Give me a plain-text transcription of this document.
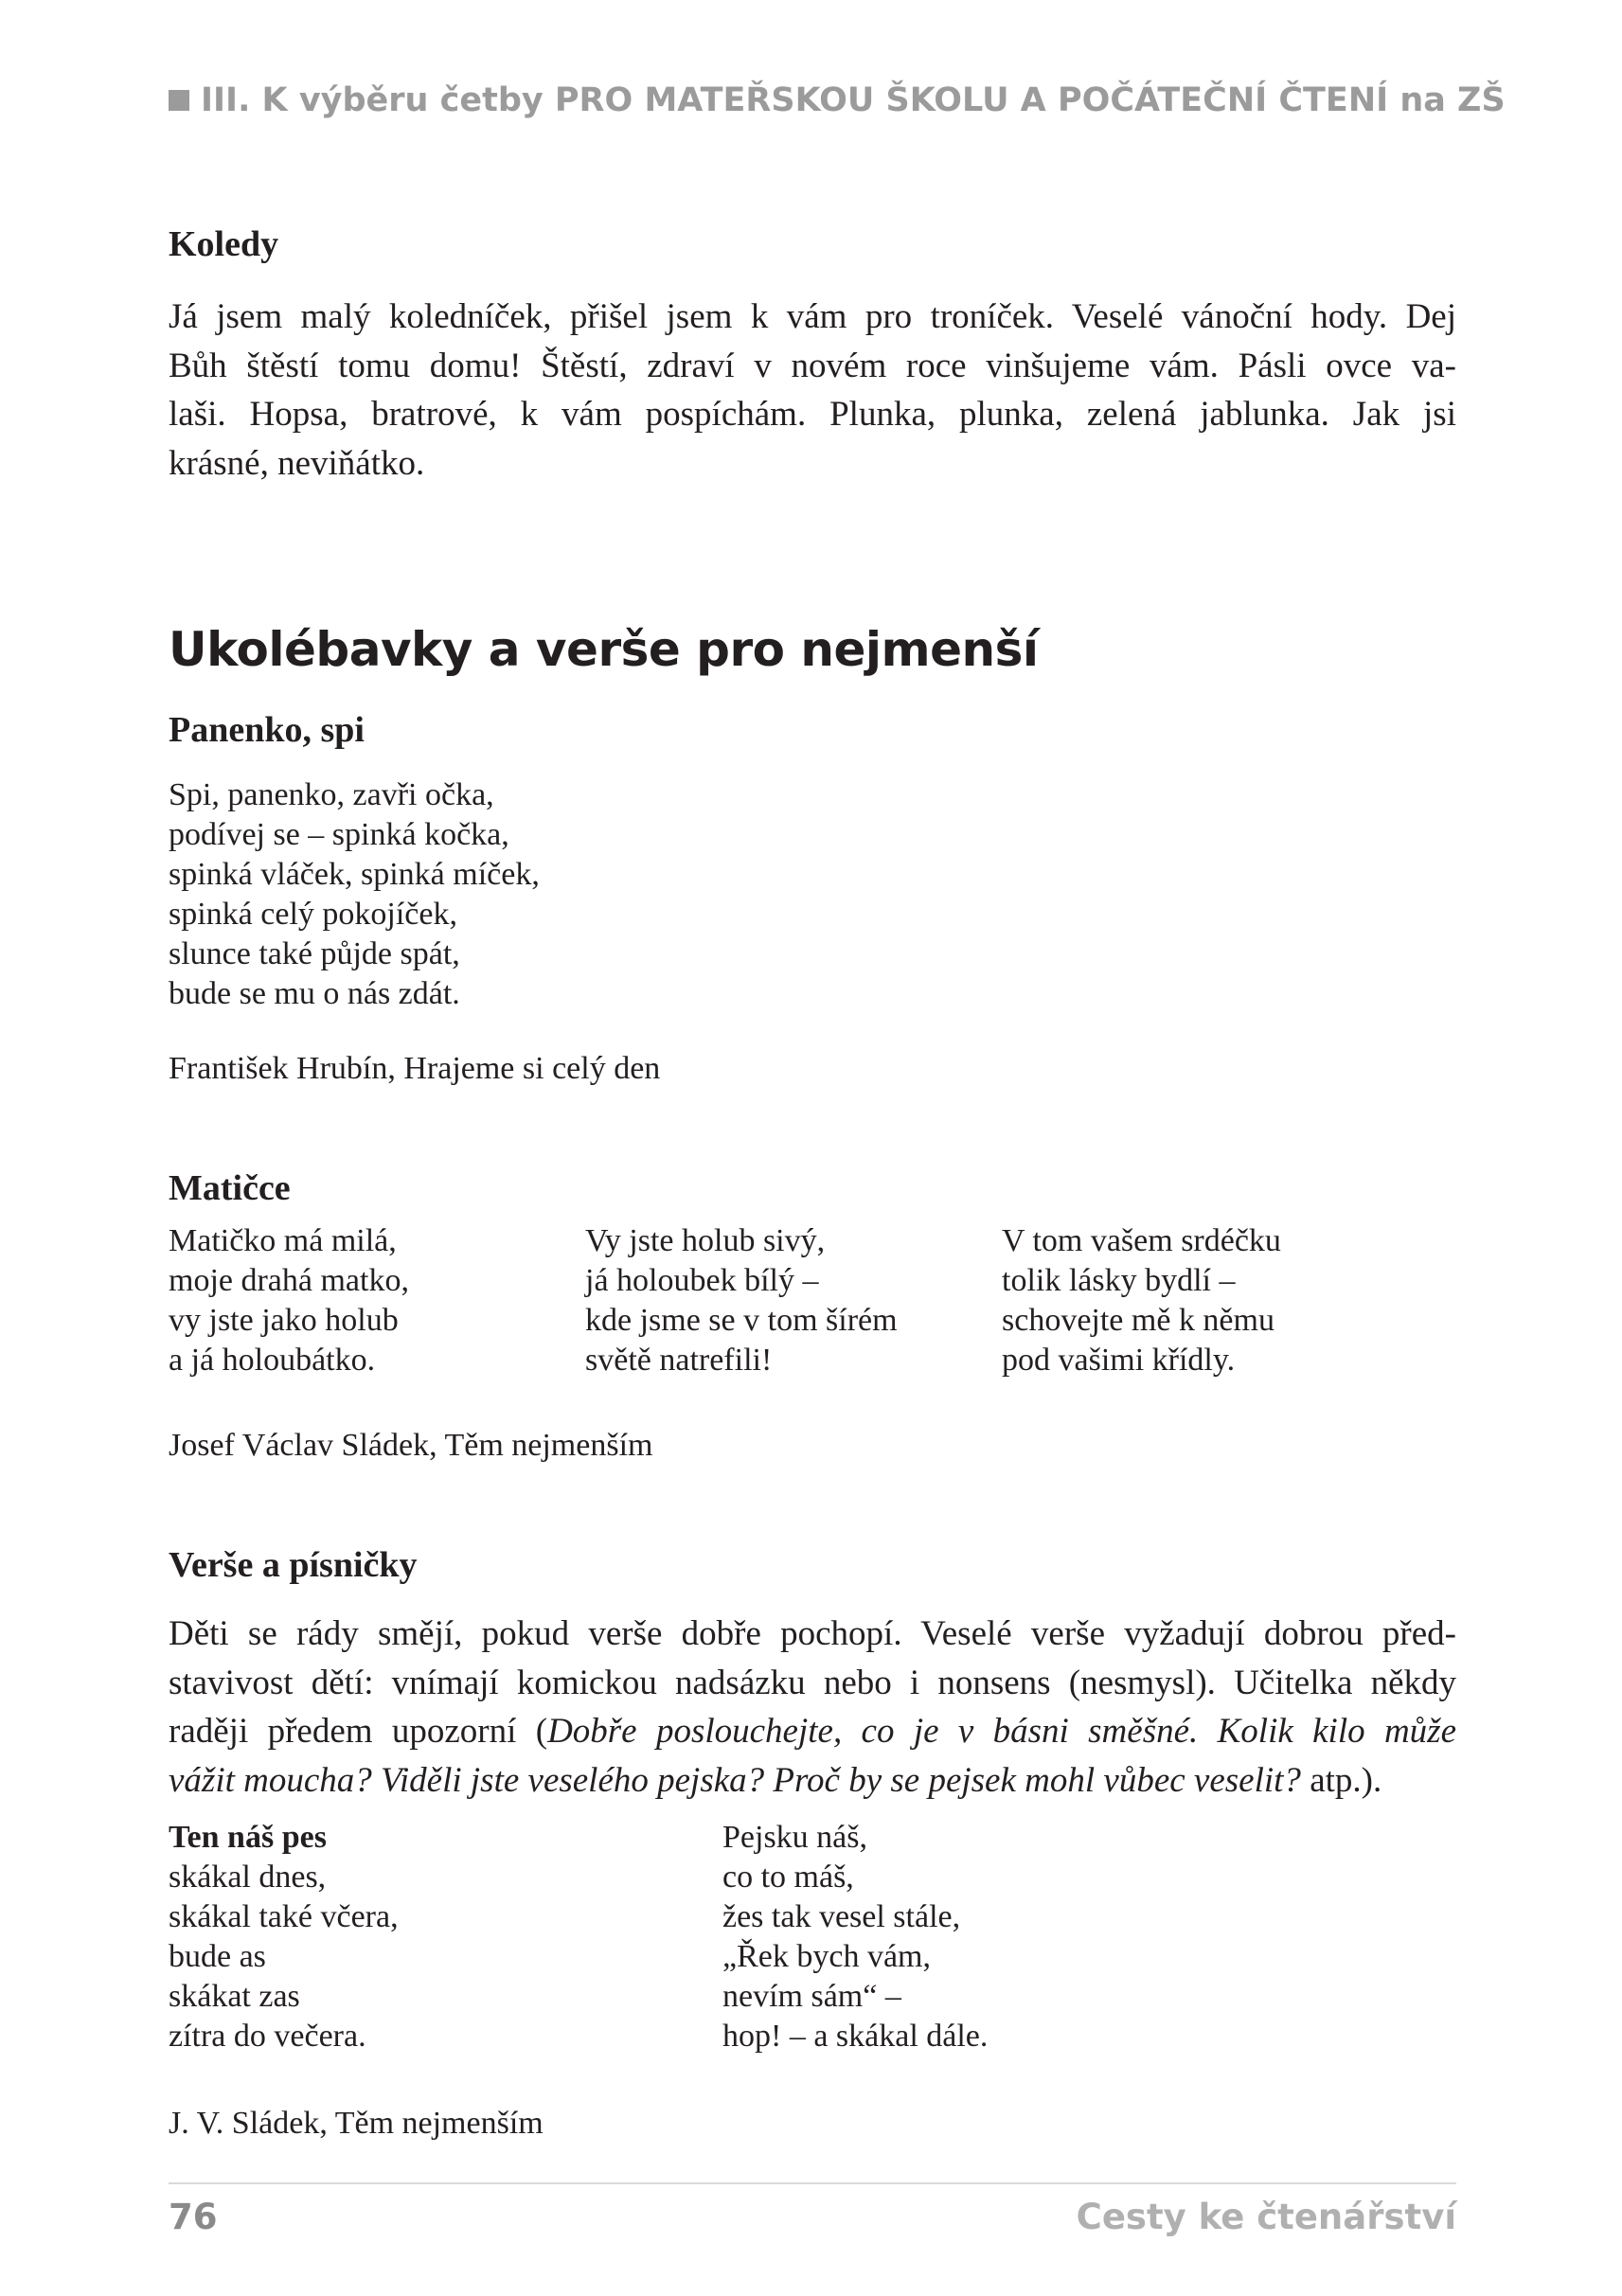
III. K výběru četby PRO MATEŘSKOU ŠKOLU A POČÁTEČNÍ ČTENÍ na ZŠ
Koledy
Já jsem malý koledníček, přišel jsem k vám pro troníček. Veselé vánoční hody. Dej
Bůh štěstí tomu domu! Štěstí, zdraví v novém roce vinšujeme vám. Pásli ovce va-
laši. Hopsa, bratrové, k vám pospíchám. Plunka, plunka, zelená jablunka. Jak jsi
krásné, neviňátko.
Ukolébavky a verše pro nejmenší
Panenko, spi
Spi, panenko, zavři očka,
podívej se – spinká kočka,
spinká vláček, spinká míček,
spinká celý pokojíček,
slunce také půjde spát,
bude se mu o nás zdát.
František Hrubín, Hrajeme si celý den
Matičce
Matičko má milá,
moje drahá matko,
vy jste jako holub
a já holoubátko.
Vy jste holub sivý,
já holoubek bílý –
kde jsme se v tom šírém
světě natrefili!
V tom vašem srdéčku
tolik lásky bydlí –
schovejte mě k němu
pod vašimi křídly.
Josef Václav Sládek, Těm nejmenším
Verše a písničky
Děti se rády smějí, pokud verše dobře pochopí. Veselé verše vyžadují dobrou před-
stavivost dětí: vnímají komickou nadsázku nebo i nonsens (nesmysl). Učitelka někdy
raději předem upozorní (Dobře poslouchejte, co je v básni směšné. Kolik kilo může
vážit moucha? Viděli jste veselého pejska? Proč by se pejsek mohl vůbec veselit? atp.).
Ten náš pes
skákal dnes,
skákal také včera,
bude as
skákat zas
zítra do večera.
Pejsku náš,
co to máš,
žes tak vesel stále,
„Řek bych vám,
nevím sám“ –
hop! – a skákal dále.
J. V. Sládek, Těm nejmenším
76	Cesty ke čtenářství
